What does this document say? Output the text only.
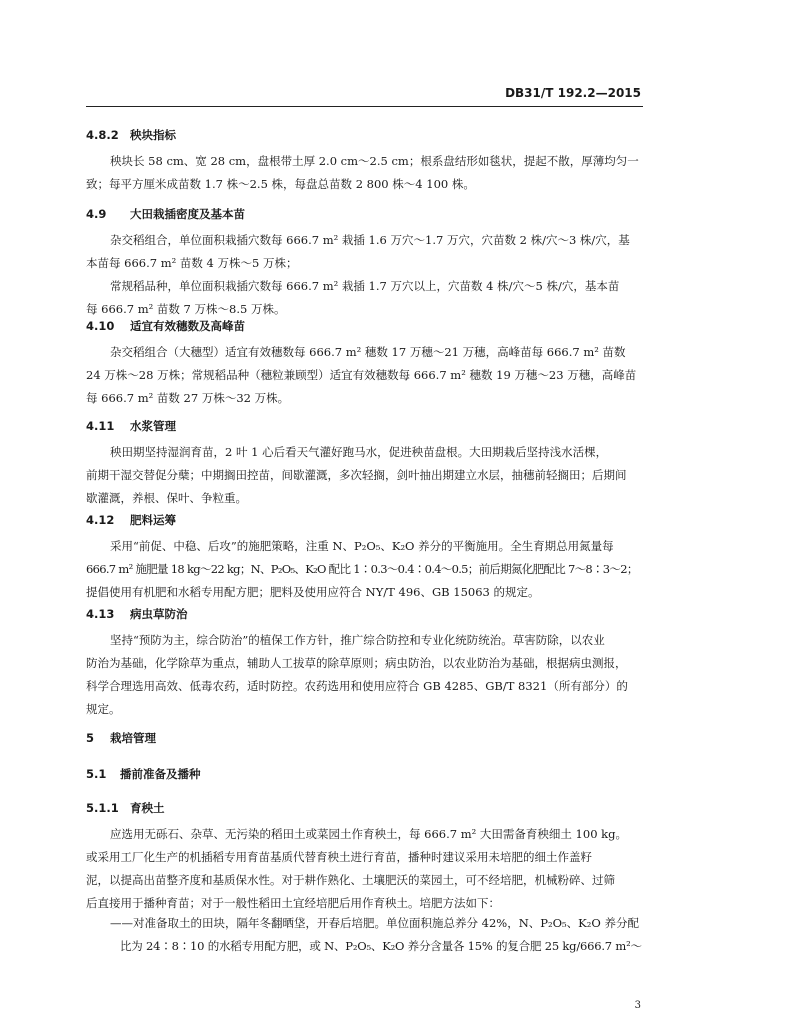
DB31/T 192.2—2015
4.8.2 秧块指标
秧块长 58 cm、宽 28 cm，盘根带土厚 2.0 cm～2.5 cm；根系盘结形如毯状，提起不散，厚薄均匀一
致；每平方厘米成苗数 1.7 株～2.5 株，每盘总苗数 2 800 株～4 100 株。
4.9 大田栽插密度及基本苗
杂交稻组合，单位面积栽插穴数每 666.7 m² 栽插 1.6 万穴～1.7 万穴，穴苗数 2 株/穴～3 株/穴，基
本苗每 666.7 m² 苗数 4 万株～5 万株；
常规稻品种，单位面积栽插穴数每 666.7 m² 栽插 1.7 万穴以上，穴苗数 4 株/穴～5 株/穴，基本苗
每 666.7 m² 苗数 7 万株～8.5 万株。
4.10 适宜有效穗数及高峰苗
杂交稻组合（大穗型）适宜有效穗数每 666.7 m² 穗数 17 万穗～21 万穗，高峰苗每 666.7 m² 苗数
24 万株～28 万株；常规稻品种（穗粒兼顾型）适宜有效穗数每 666.7 m² 穗数 19 万穗～23 万穗，高峰苗
每 666.7 m² 苗数 27 万株～32 万株。
4.11 水浆管理
秧田期坚持湿润育苗，2 叶 1 心后看天气灌好跑马水，促进秧苗盘根。大田期栽后坚持浅水活棵，
前期干湿交替促分蘖；中期搁田控苗，间歇灌溉，多次轻搁，剑叶抽出期建立水层，抽穗前轻搁田；后期间
歇灌溉，养根、保叶、争粒重。
4.12 肥料运筹
采用“前促、中稳、后攻”的施肥策略，注重 N、P₂O₅、K₂O 养分的平衡施用。全生育期总用氮量每
666.7 m² 施肥量 18 kg～22 kg；N、P₂O₅、K₂O 配比 1∶0.3～0.4∶0.4～0.5；前后期氮化肥配比 7～8∶3～2；
提倡使用有机肥和水稻专用配方肥；肥料及使用应符合 NY/T 496、GB 15063 的规定。
4.13 病虫草防治
坚持“预防为主，综合防治”的植保工作方针，推广综合防控和专业化统防统治。草害防除，以农业
防治为基础，化学除草为重点，辅助人工拔草的除草原则；病虫防治，以农业防治为基础，根据病虫测报，
科学合理选用高效、低毒农药，适时防控。农药选用和使用应符合 GB 4285、GB/T 8321（所有部分）的
规定。
5 栽培管理
5.1 播前准备及播种
5.1.1 育秧土
应选用无砾石、杂草、无污染的稻田土或菜园土作育秧土，每 666.7 m² 大田需备育秧细土 100 kg。
或采用工厂化生产的机插稻专用育苗基质代替育秧土进行育苗，播种时建议采用未培肥的细土作盖籽
泥，以提高出苗整齐度和基质保水性。对于耕作熟化、土壤肥沃的菜园土，可不经培肥，机械粉碎、过筛
后直接用于播种育苗；对于一般性稻田土宜经培肥后用作育秧土。培肥方法如下：
——对准备取土的田块，隔年冬翻晒垡，开春后培肥。单位面积施总养分 42%，N、P₂O₅、K₂O 养分配
比为 24∶8∶10 的水稻专用配方肥，或 N、P₂O₅、K₂O 养分含量各 15% 的复合肥 25 kg/666.7 m²～
3
